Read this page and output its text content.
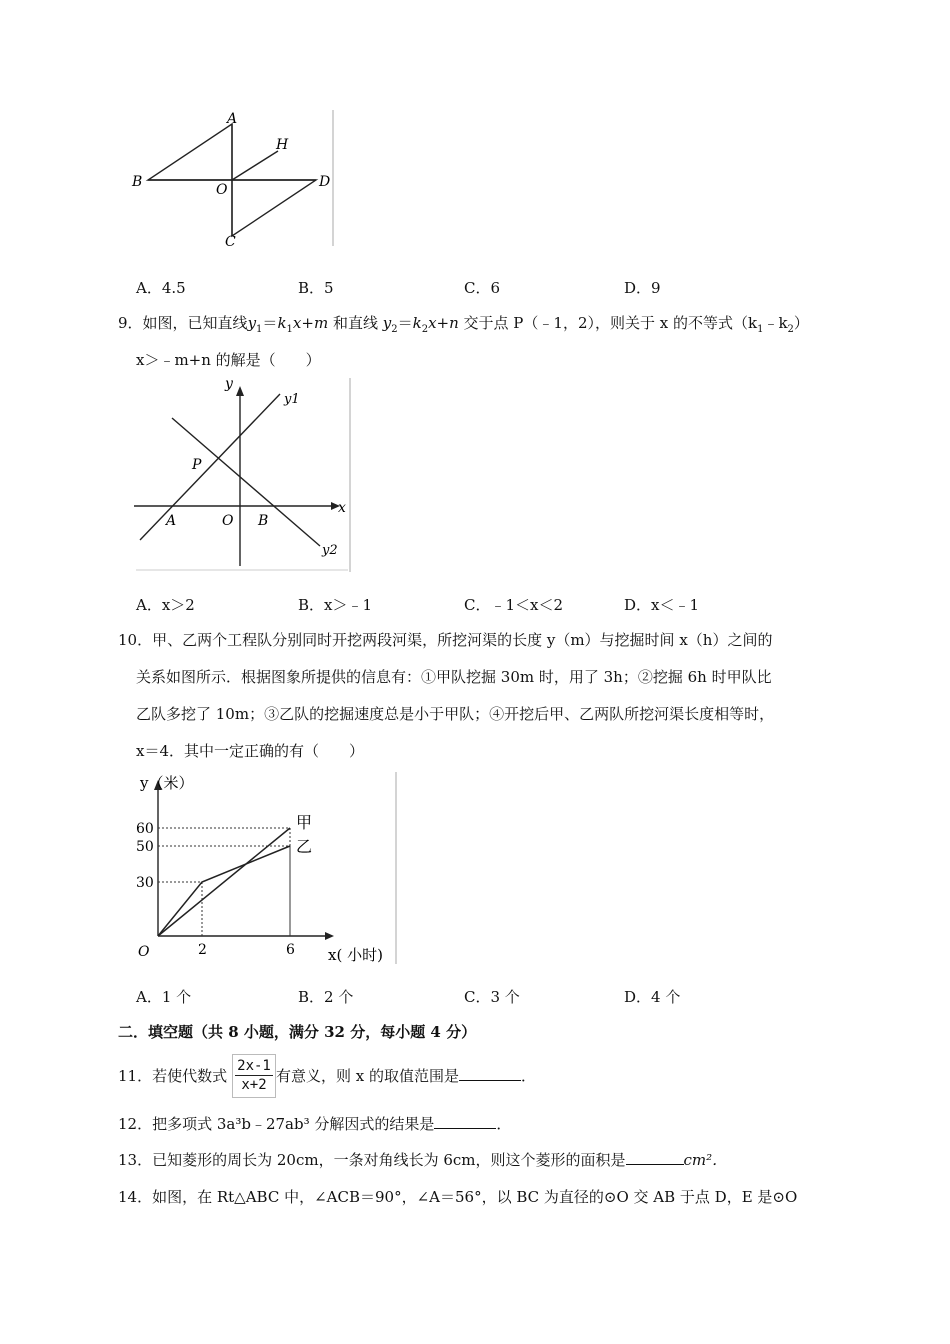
A
H
B	O	D
C
A．4.5	B．5	C．6	D．9
9．如图，已知直线$y_1=k_1x+m$ 和直线 $y_2=k_2x+n$ 交于点 P（﹣1，2），则关于 x 的不等式$(k_1﹣k_2)$
x＞﹣m+n 的解是（　　）
y
y1
P
x
A	O B
y2
A．x＞2	B．x＞﹣1	C．﹣1＜x＜2	D．x＜﹣1
10．甲、乙两个工程队分别同时开挖两段河渠，所挖河渠的长度 y（m）与挖掘时间 x（h）之间的
关系如图所示．根据图象所提供的信息有：①甲队挖掘 30m 时，用了 3h；②挖掘 6h 时甲队比
乙队多挖了 10m；③乙队的挖掘速度总是小于甲队；④开挖后甲、乙两队所挖河渠长度相等时，
x＝4．其中一定正确的有（　　）
y（米）
x( 小时)
O
30
50
60
2	6
甲
乙
A．1 个	B．2 个	C．3 个	D．4 个
二．填空题（共 8 小题，满分 32 分，每小题 4 分）
11．若使代数式 $\frac{2x-1}{x+2}$ 有意义，则 x 的取值范围是	．
12．把多项式 3a³b﹣27ab³ 分解因式的结果是	．
13．已知菱形的周长为 20cm，一条对角线长为 6cm，则这个菱形的面积是	cm²．
14．如图，在 Rt△ABC 中，∠ACB＝90°，∠A＝56°，以 BC 为直径的⊙O 交 AB 于点 D，E 是⊙O
